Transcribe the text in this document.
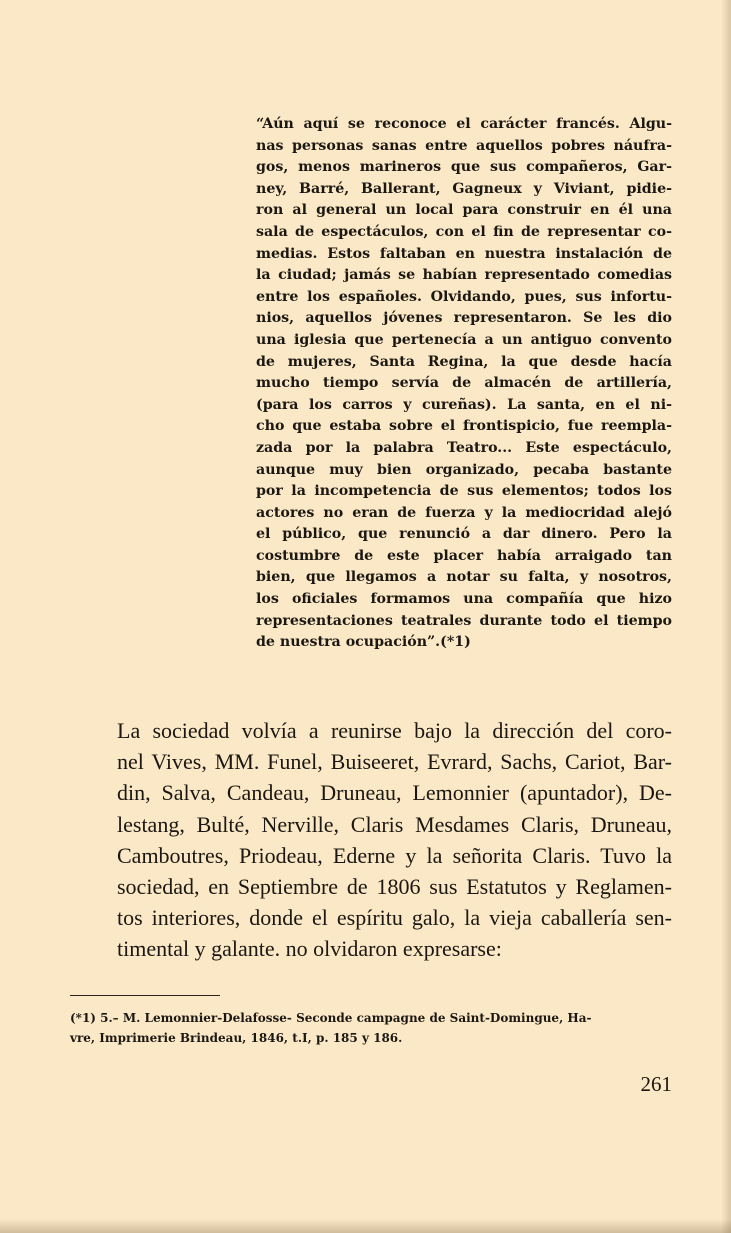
“Aún aquí se reconoce el carácter francés. Algu-
nas personas sanas entre aquellos pobres náufra-
gos, menos marineros que sus compañeros, Gar-
ney, Barré, Ballerant, Gagneux y Viviant, pidie-
ron al general un local para construir en él una
sala de espectáculos, con el fin de representar co-
medias. Estos faltaban en nuestra instalación de
la ciudad; jamás se habían representado comedias
entre los españoles. Olvidando, pues, sus infortu-
nios, aquellos jóvenes representaron. Se les dio
una iglesia que pertenecía a un antiguo convento
de mujeres, Santa Regina, la que desde hacía
mucho tiempo servía de almacén de artillería,
(para los carros y cureñas). La santa, en el ni-
cho que estaba sobre el frontispicio, fue reempla-
zada por la palabra Teatro... Este espectáculo,
aunque muy bien organizado, pecaba bastante
por la incompetencia de sus elementos; todos los
actores no eran de fuerza y la mediocridad alejó
el público, que renunció a dar dinero. Pero la
costumbre de este placer había arraigado tan
bien, que llegamos a notar su falta, y nosotros,
los oficiales formamos una compañía que hizo
representaciones teatrales durante todo el tiempo
de nuestra ocupación”.(*1)
La sociedad volvía a reunirse bajo la dirección del coro-
nel Vives, MM. Funel, Buiseeret, Evrard, Sachs, Cariot, Bar-
din, Salva, Candeau, Druneau, Lemonnier (apuntador), De-
lestang, Bulté, Nerville, Claris Mesdames Claris, Druneau,
Camboutres, Priodeau, Ederne y la señorita Claris. Tuvo la
sociedad, en Septiembre de 1806 sus Estatutos y Reglamen-
tos interiores, donde el espíritu galo, la vieja caballería sen-
timental y galante. no olvidaron expresarse:
(*1) 5.– M. Lemonnier-Delafosse- Seconde campagne de Saint-Domingue, Ha-
vre, Imprimerie Brindeau, 1846, t.I, p. 185 y 186.
261
